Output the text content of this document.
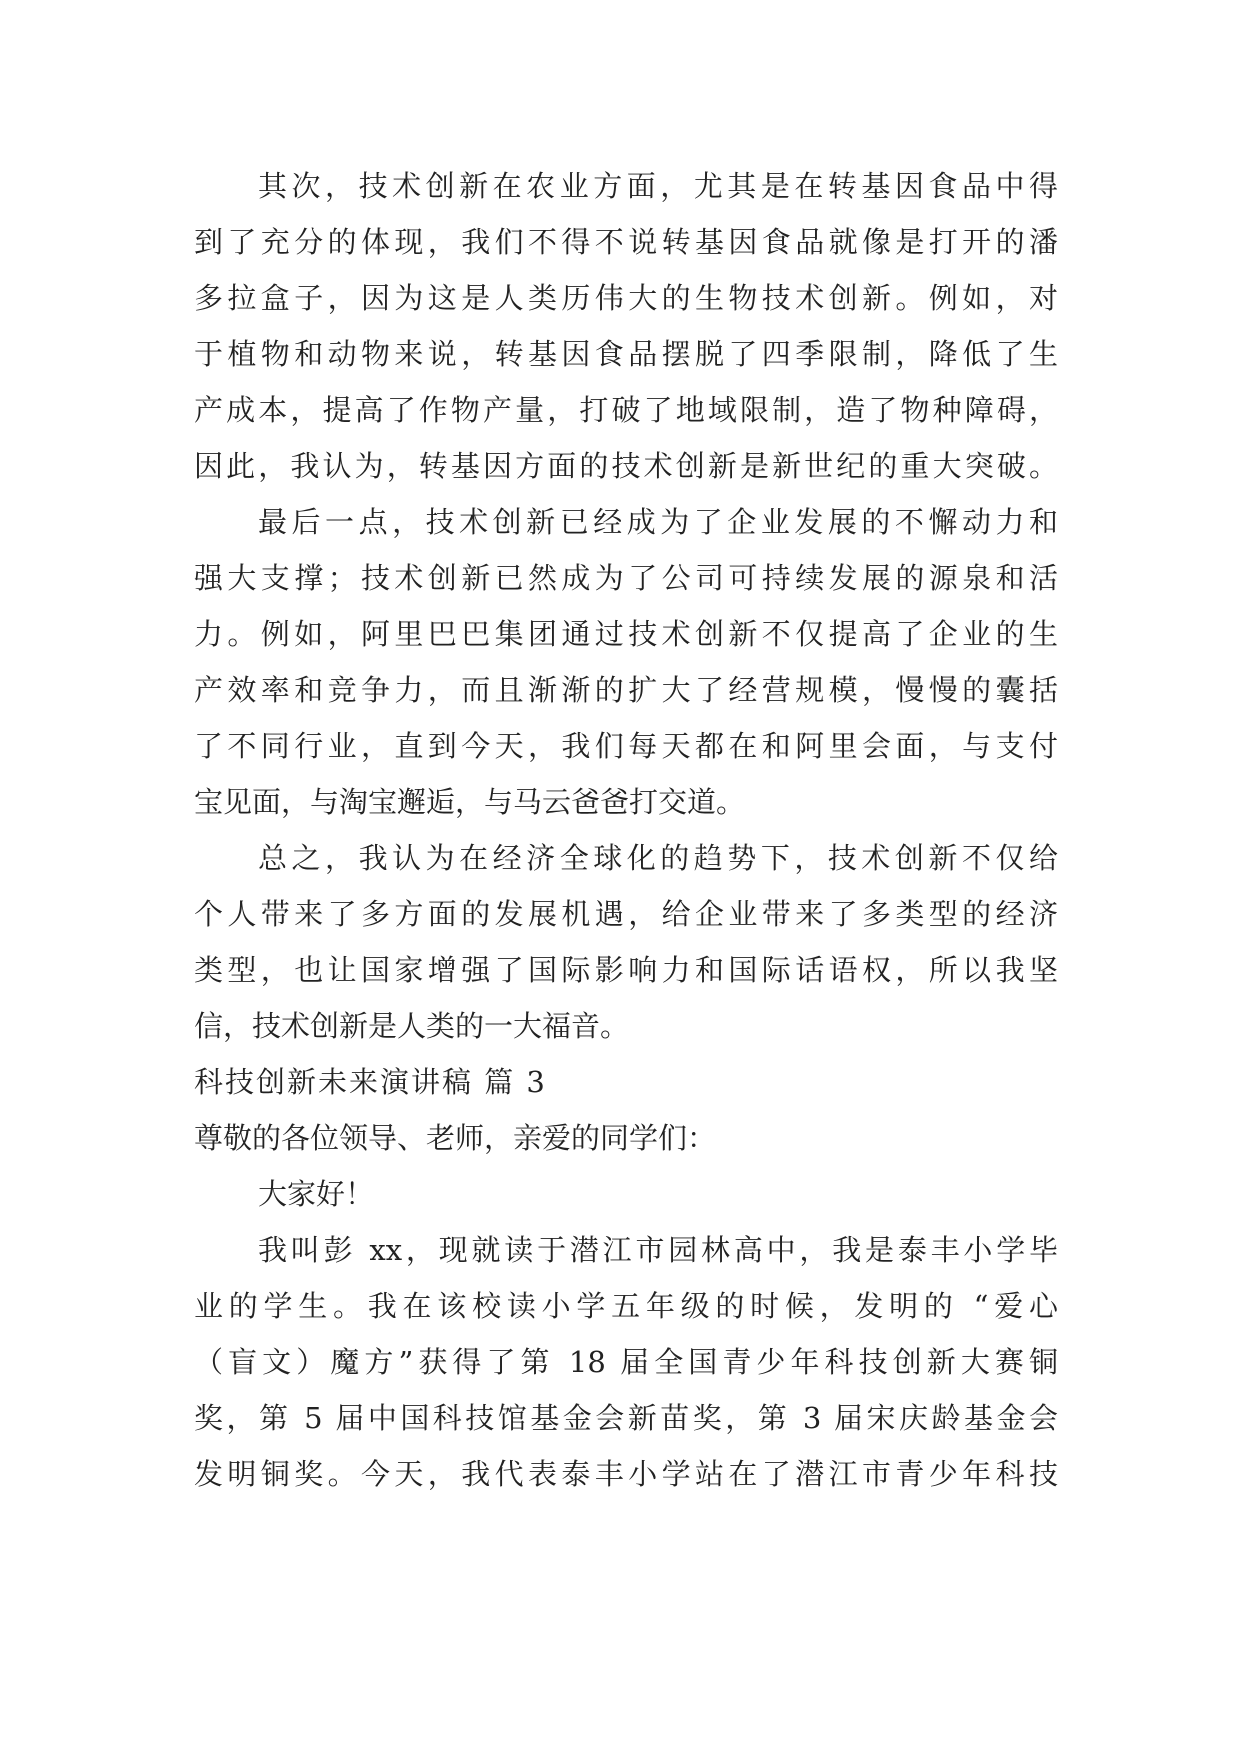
其次，技术创新在农业方面，尤其是在转基因食品中得
到了充分的体现，我们不得不说转基因食品就像是打开的潘
多拉盒子，因为这是人类历伟大的生物技术创新。例如，对
于植物和动物来说，转基因食品摆脱了四季限制，降低了生
产成本，提高了作物产量，打破了地域限制，造了物种障碍，
因此，我认为，转基因方面的技术创新是新世纪的重大突破。
最后一点，技术创新已经成为了企业发展的不懈动力和
强大支撑；技术创新已然成为了公司可持续发展的源泉和活
力。例如，阿里巴巴集团通过技术创新不仅提高了企业的生
产效率和竞争力，而且渐渐的扩大了经营规模，慢慢的囊括
了不同行业，直到今天，我们每天都在和阿里会面，与支付
宝见面，与淘宝邂逅，与马云爸爸打交道。
总之，我认为在经济全球化的趋势下，技术创新不仅给
个人带来了多方面的发展机遇，给企业带来了多类型的经济
类型，也让国家增强了国际影响力和国际话语权，所以我坚
信，技术创新是人类的一大福音。
科技创新未来演讲稿 篇 3
尊敬的各位领导、老师，亲爱的同学们：
大家好！
我叫彭 xx，现就读于潜江市园林高中，我是泰丰小学毕
业的学生。我在该校读小学五年级的时候，发明的 “爱心
（盲文）魔方”获得了第 18 届全国青少年科技创新大赛铜
奖，第 5 届中国科技馆基金会新苗奖，第 3 届宋庆龄基金会
发明铜奖。今天，我代表泰丰小学站在了潜江市青少年科技
